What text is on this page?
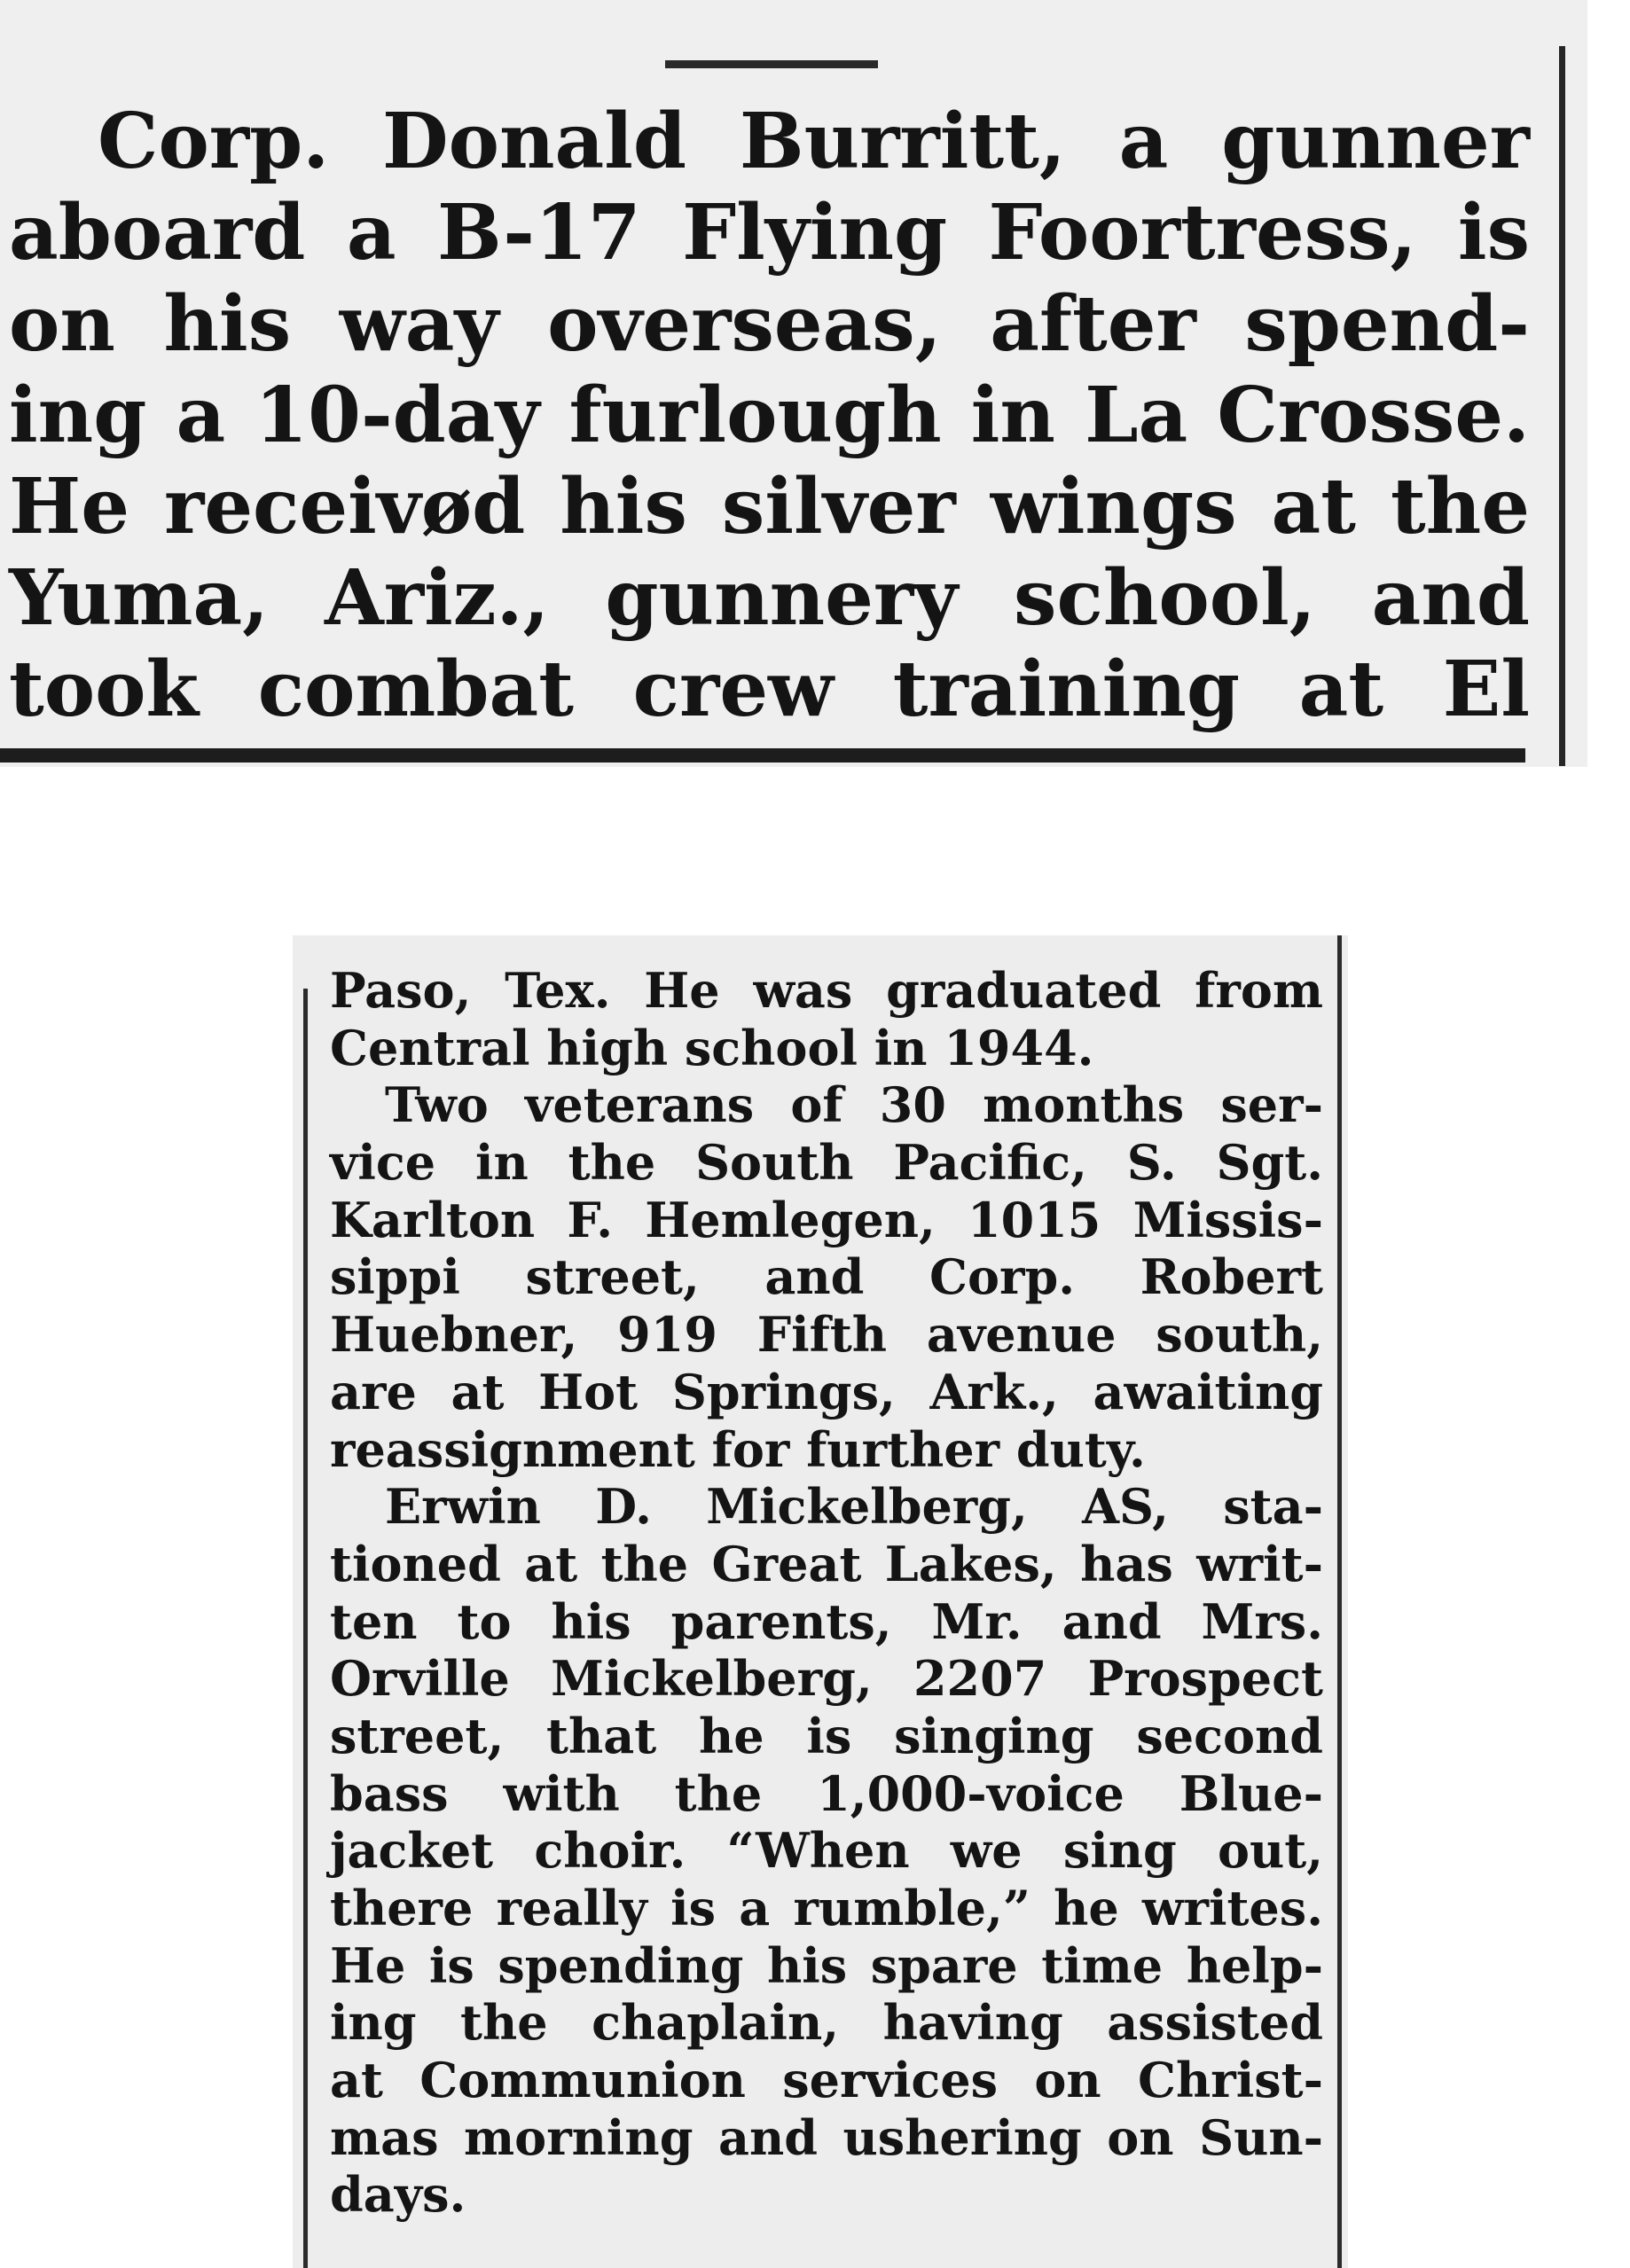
Corp. Donald Burritt, a gunner
aboard a B-17 Flying Foortress, is
on his way overseas, after spend-
ing a 10-day furlough in La Crosse.
He receivød his silver wings at the
Yuma, Ariz., gunnery school, and
took combat crew training at El
Paso, Tex. He was graduated from
Central high school in 1944.
Two veterans of 30 months ser-
vice in the South Pacific, S. Sgt.
Karlton F. Hemlegen, 1015 Missis-
sippi street, and Corp. Robert
Huebner, 919 Fifth avenue south,
are at Hot Springs, Ark., awaiting
reassignment for further duty.
Erwin D. Mickelberg, AS, sta-
tioned at the Great Lakes, has writ-
ten to his parents, Mr. and Mrs.
Orville Mickelberg, 2207 Prospect
street, that he is singing second
bass with the 1,000-voice Blue-
jacket choir. “When we sing out,
there really is a rumble,” he writes.
He is spending his spare time help-
ing the chaplain, having assisted
at Communion services on Christ-
mas morning and ushering on Sun-
days.
